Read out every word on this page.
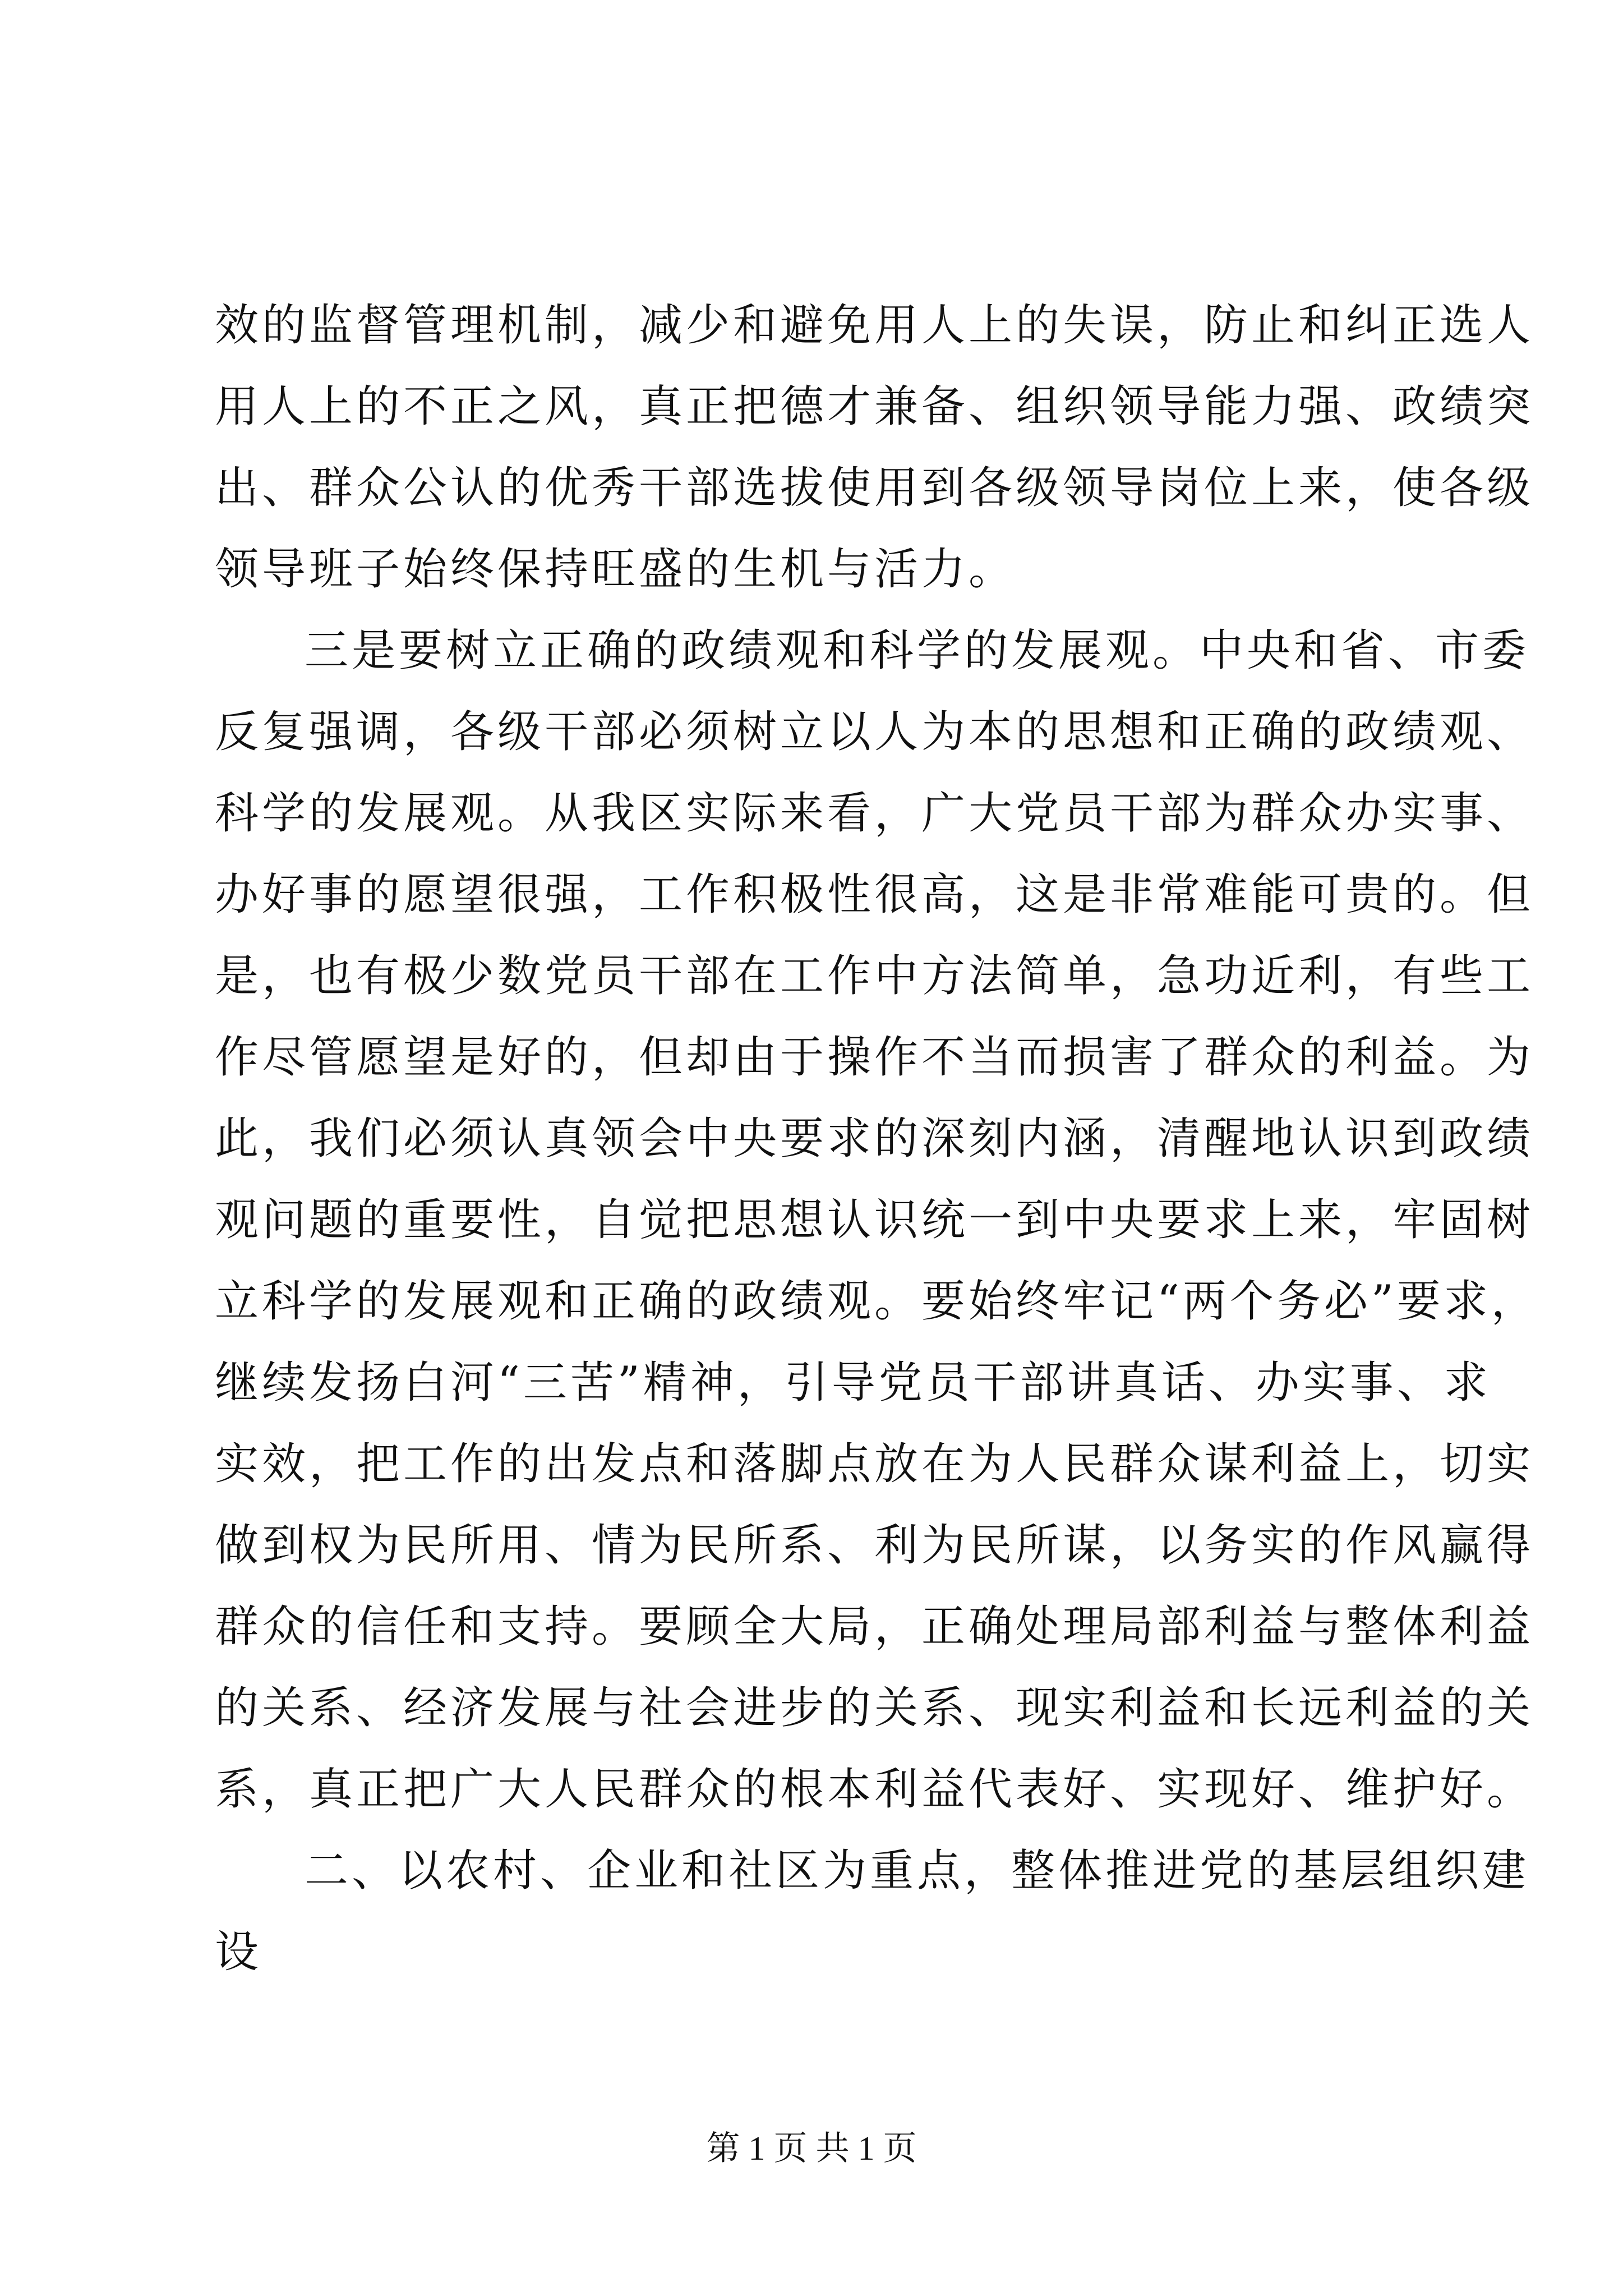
效的监督管理机制，减少和避免用人上的失误，防止和纠正选人
用人上的不正之风，真正把德才兼备、组织领导能力强、政绩突
出、群众公认的优秀干部选拔使用到各级领导岗位上来，使各级
领导班子始终保持旺盛的生机与活力。
三是要树立正确的政绩观和科学的发展观。中央和省、市委
反复强调，各级干部必须树立以人为本的思想和正确的政绩观、
科学的发展观。从我区实际来看，广大党员干部为群众办实事、
办好事的愿望很强，工作积极性很高，这是非常难能可贵的。但
是，也有极少数党员干部在工作中方法简单，急功近利，有些工
作尽管愿望是好的，但却由于操作不当而损害了群众的利益。为
此，我们必须认真领会中央要求的深刻内涵，清醒地认识到政绩
观问题的重要性，自觉把思想认识统一到中央要求上来，牢固树
立科学的发展观和正确的政绩观。要始终牢记“两个务必”要求，
继续发扬白河“三苦”精神，引导党员干部讲真话、办实事、求
实效，把工作的出发点和落脚点放在为人民群众谋利益上，切实
做到权为民所用、情为民所系、利为民所谋，以务实的作风赢得
群众的信任和支持。要顾全大局，正确处理局部利益与整体利益
的关系、经济发展与社会进步的关系、现实利益和长远利益的关
系，真正把广大人民群众的根本利益代表好、实现好、维护好。
二、以农村、企业和社区为重点，整体推进党的基层组织建
设
第 1 页 共 1 页
